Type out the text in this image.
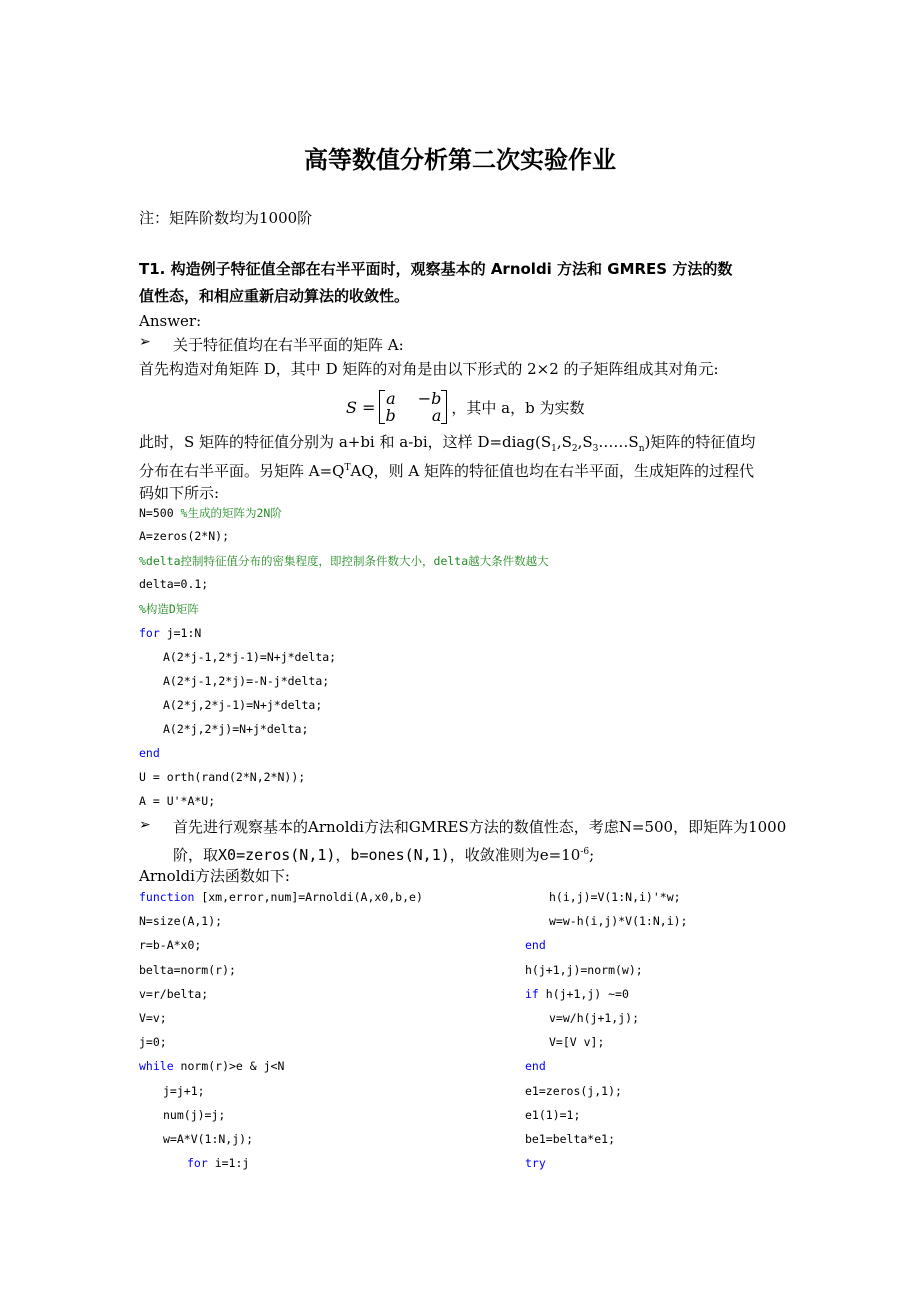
高等数值分析第二次实验作业
注：矩阵阶数均为1000阶
T1. 构造例子特征值全部在右半平面时，观察基本的 Arnoldi 方法和 GMRES 方法的数
值性态，和相应重新启动算法的收敛性。
Answer:
➢ 关于特征值均在右半平面的矩阵 A:
首先构造对角矩阵 D，其中 D 矩阵的对角是由以下形式的 2×2 的子矩阵组成其对角元:
S = a −b
b	a ，其中 a，b 为实数
此时，S 矩阵的特征值分别为 a+bi 和 a-bi，这样 $D=diag(S_1,S_2,S_3\dots\dots S_n)$矩阵的特征值均
分布在右半平面。另矩阵 $A=Q^TAQ$，则 A 矩阵的特征值也均在右半平面，生成矩阵的过程代
码如下所示:
N=500 %生成的矩阵为2N阶
A=zeros(2*N);
%delta控制特征值分布的密集程度，即控制条件数大小，delta越大条件数越大
delta=0.1;
%构造D矩阵
for j=1:N
A(2*j-1,2*j-1)=N+j*delta;
A(2*j-1,2*j)=-N-j*delta;
A(2*j,2*j-1)=N+j*delta;
A(2*j,2*j)=N+j*delta;
end
U = orth(rand(2*N,2*N));
A = U'*A*U;
➢ 首先进行观察基本的Arnoldi方法和GMRES方法的数值性态，考虑N=500，即矩阵为1000
阶，取X0=zeros(N,1)，b=ones(N,1)，收敛准则为$e=10^{-6}$;
Arnoldi方法函数如下:
function [xm,error,num]=Arnoldi(A,x0,b,e)
N=size(A,1);
r=b-A*x0;
belta=norm(r);
v=r/belta;
V=v;
j=0;
while norm(r)>e & j<N
j=j+1;
num(j)=j;
w=A*V(1:N,j);
for i=1:j
h(i,j)=V(1:N,i)'*w;
w=w-h(i,j)*V(1:N,i);
end
h(j+1,j)=norm(w);
if h(j+1,j) ~=0
v=w/h(j+1,j);
V=[V v];
end
e1=zeros(j,1);
e1(1)=1;
be1=belta*e1;
try
